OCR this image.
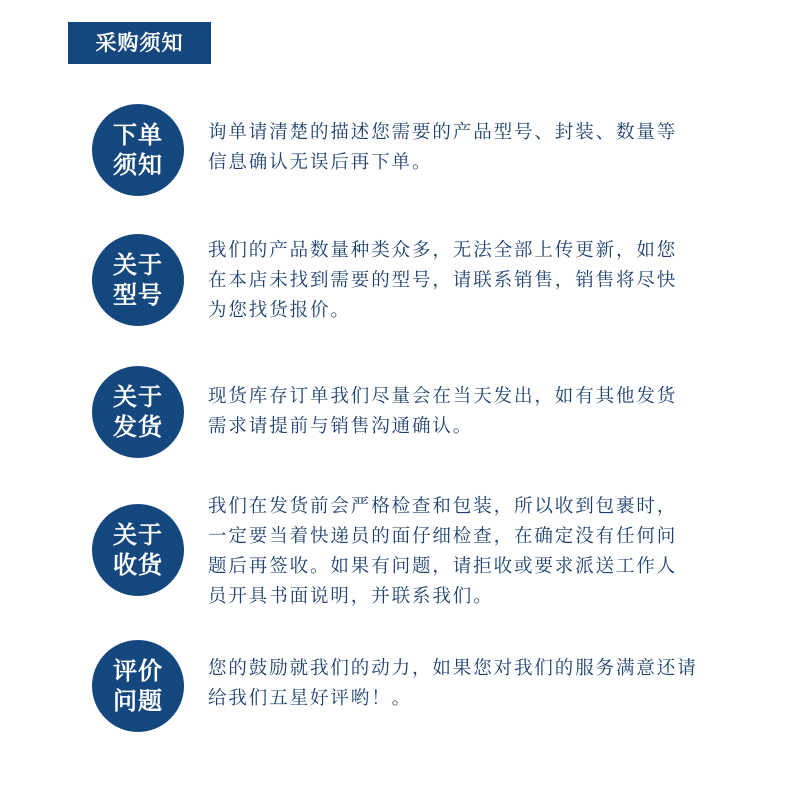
采购须知
下单
须知
询单请清楚的描述您需要的产品型号、封装、数量等
信息确认无误后再下单。
关于
型号
我们的产品数量种类众多，无法全部上传更新，如您
在本店未找到需要的型号，请联系销售，销售将尽快
为您找货报价。
关于
发货
现货库存订单我们尽量会在当天发出，如有其他发货
需求请提前与销售沟通确认。
关于
收货
我们在发货前会严格检查和包装，所以收到包裹时，
一定要当着快递员的面仔细检查，在确定没有任何问
题后再签收。如果有问题，请拒收或要求派送工作人
员开具书面说明，并联系我们。
评价
问题
您的鼓励就我们的动力，如果您对我们的服务满意还请
给我们五星好评哟！。
